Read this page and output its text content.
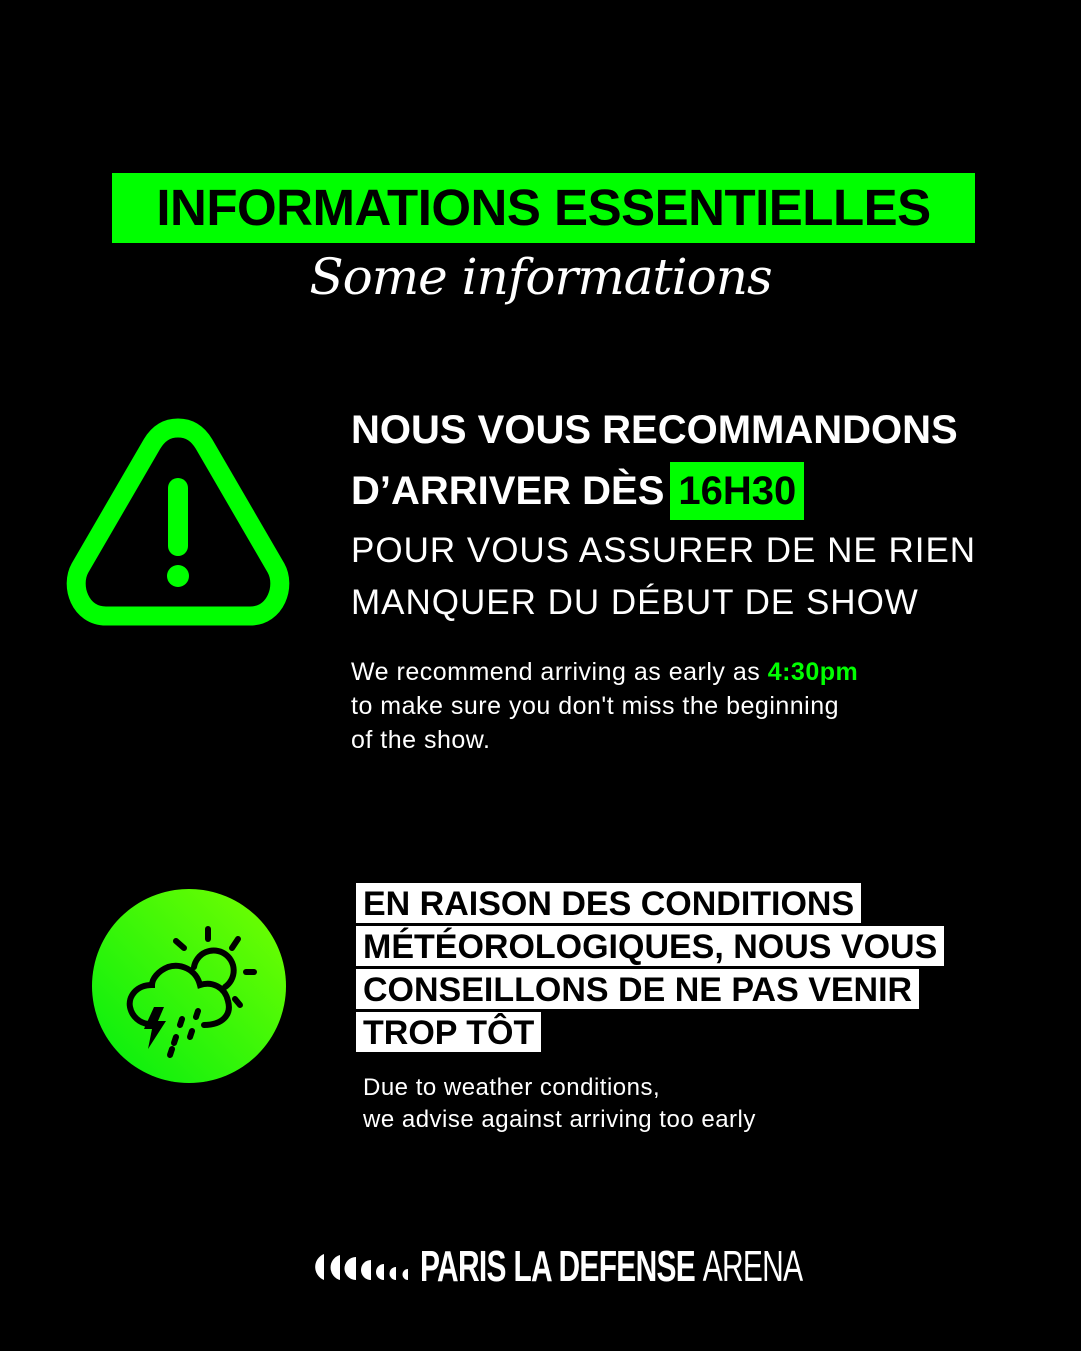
INFORMATIONS ESSENTIELLES
Some informations
NOUS VOUS RECOMMANDONS
D’ARRIVER DÈS 16H30
POUR VOUS ASSURER DE NE RIEN
MANQUER DU DÉBUT DE SHOW
We recommend arriving as early as 4:30pm
to make sure you don't miss the beginning
of the show.
EN RAISON DES CONDITIONS
MÉTÉOROLOGIQUES, NOUS VOUS
CONSEILLONS DE NE PAS VENIR
TROP TÔT
Due to weather conditions,
we advise against arriving too early
PARIS LA DEFENSE ARENA
